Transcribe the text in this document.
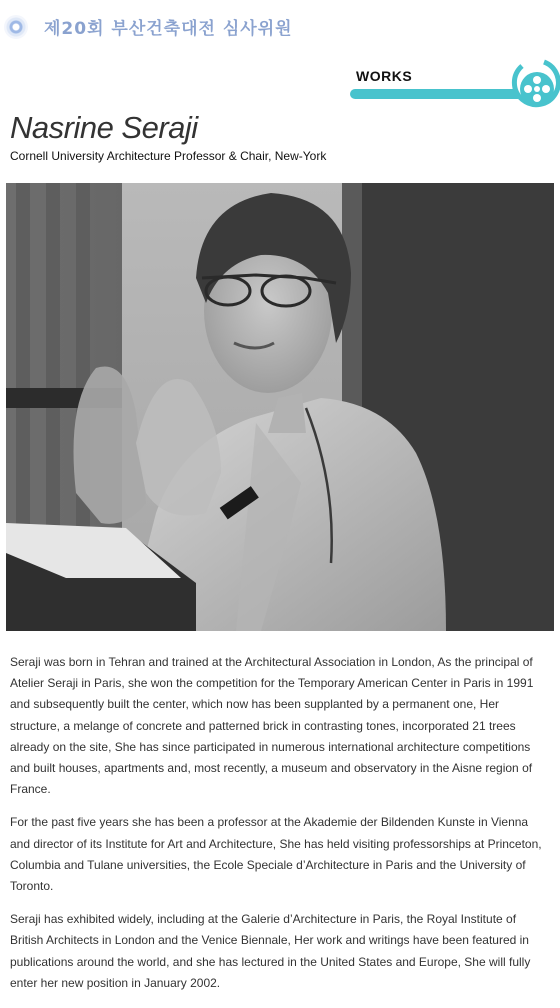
제20회 부산건축대전 심사위원
WORKS
Nasrine Seraji
Cornell University Architecture Professor & Chair, New-York

Seraji was born in Tehran and trained at the Architectural Association in London, As the principal of Atelier Seraji in Paris, she won the competition for the Temporary American Center in Paris in 1991 and subsequently built the center, which now has been supplanted by a permanent one, Her structure, a melange of concrete and patterned brick in contrasting tones, incorporated 21 trees already on the site, She has since participated in numerous international architecture competitions and built houses, apartments and, most recently, a museum and observatory in the Aisne region of France.

For the past five years she has been a professor at the Akademie der Bildenden Kunste in Vienna and director of its Institute for Art and Architecture, She has held visiting professorships at Princeton, Columbia and Tulane universities, the Ecole Speciale d’Architecture in Paris and the University of Toronto.

Seraji has exhibited widely, including at the Galerie d’Architecture in Paris, the Royal Institute of British Architects in London and the Venice Biennale, Her work and writings have been featured in publications around the world, and she has lectured in the United States and Europe, She will fully enter her new position in January 2002.
